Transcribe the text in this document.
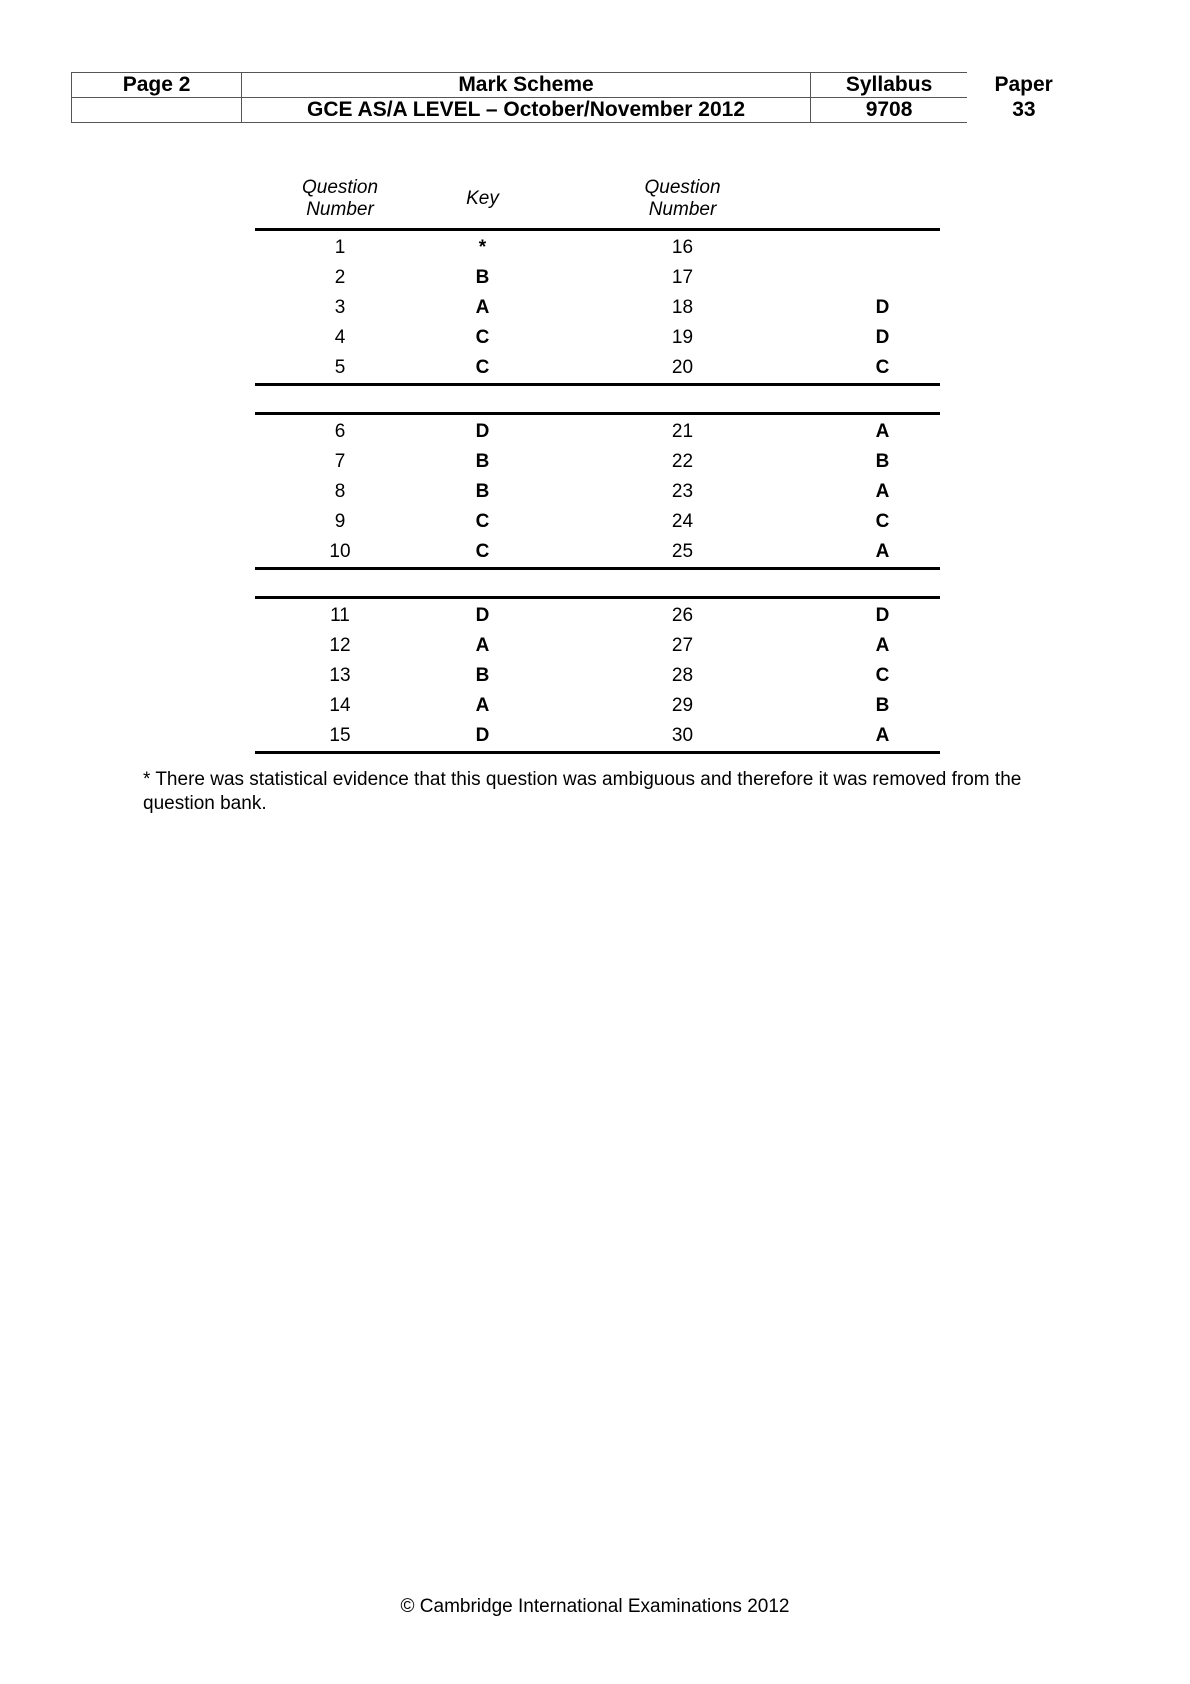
Page 2	Mark Scheme	Syllabus	Paper
	GCE AS/A LEVEL – October/November 2012	9708	33
Question
Number	Key	Question
Number	
1	*	16	
2	B	17	
3	A	18	D
4	C	19	D
5	C	20	C

6	D	21	A
7	B	22	B
8	B	23	A
9	C	24	C
10	C	25	A

11	D	26	D
12	A	27	A
13	B	28	C
14	A	29	B
15	D	30	A
* There was statistical evidence that this question was ambiguous and therefore it was removed from the question bank.
© Cambridge International Examinations 2012
